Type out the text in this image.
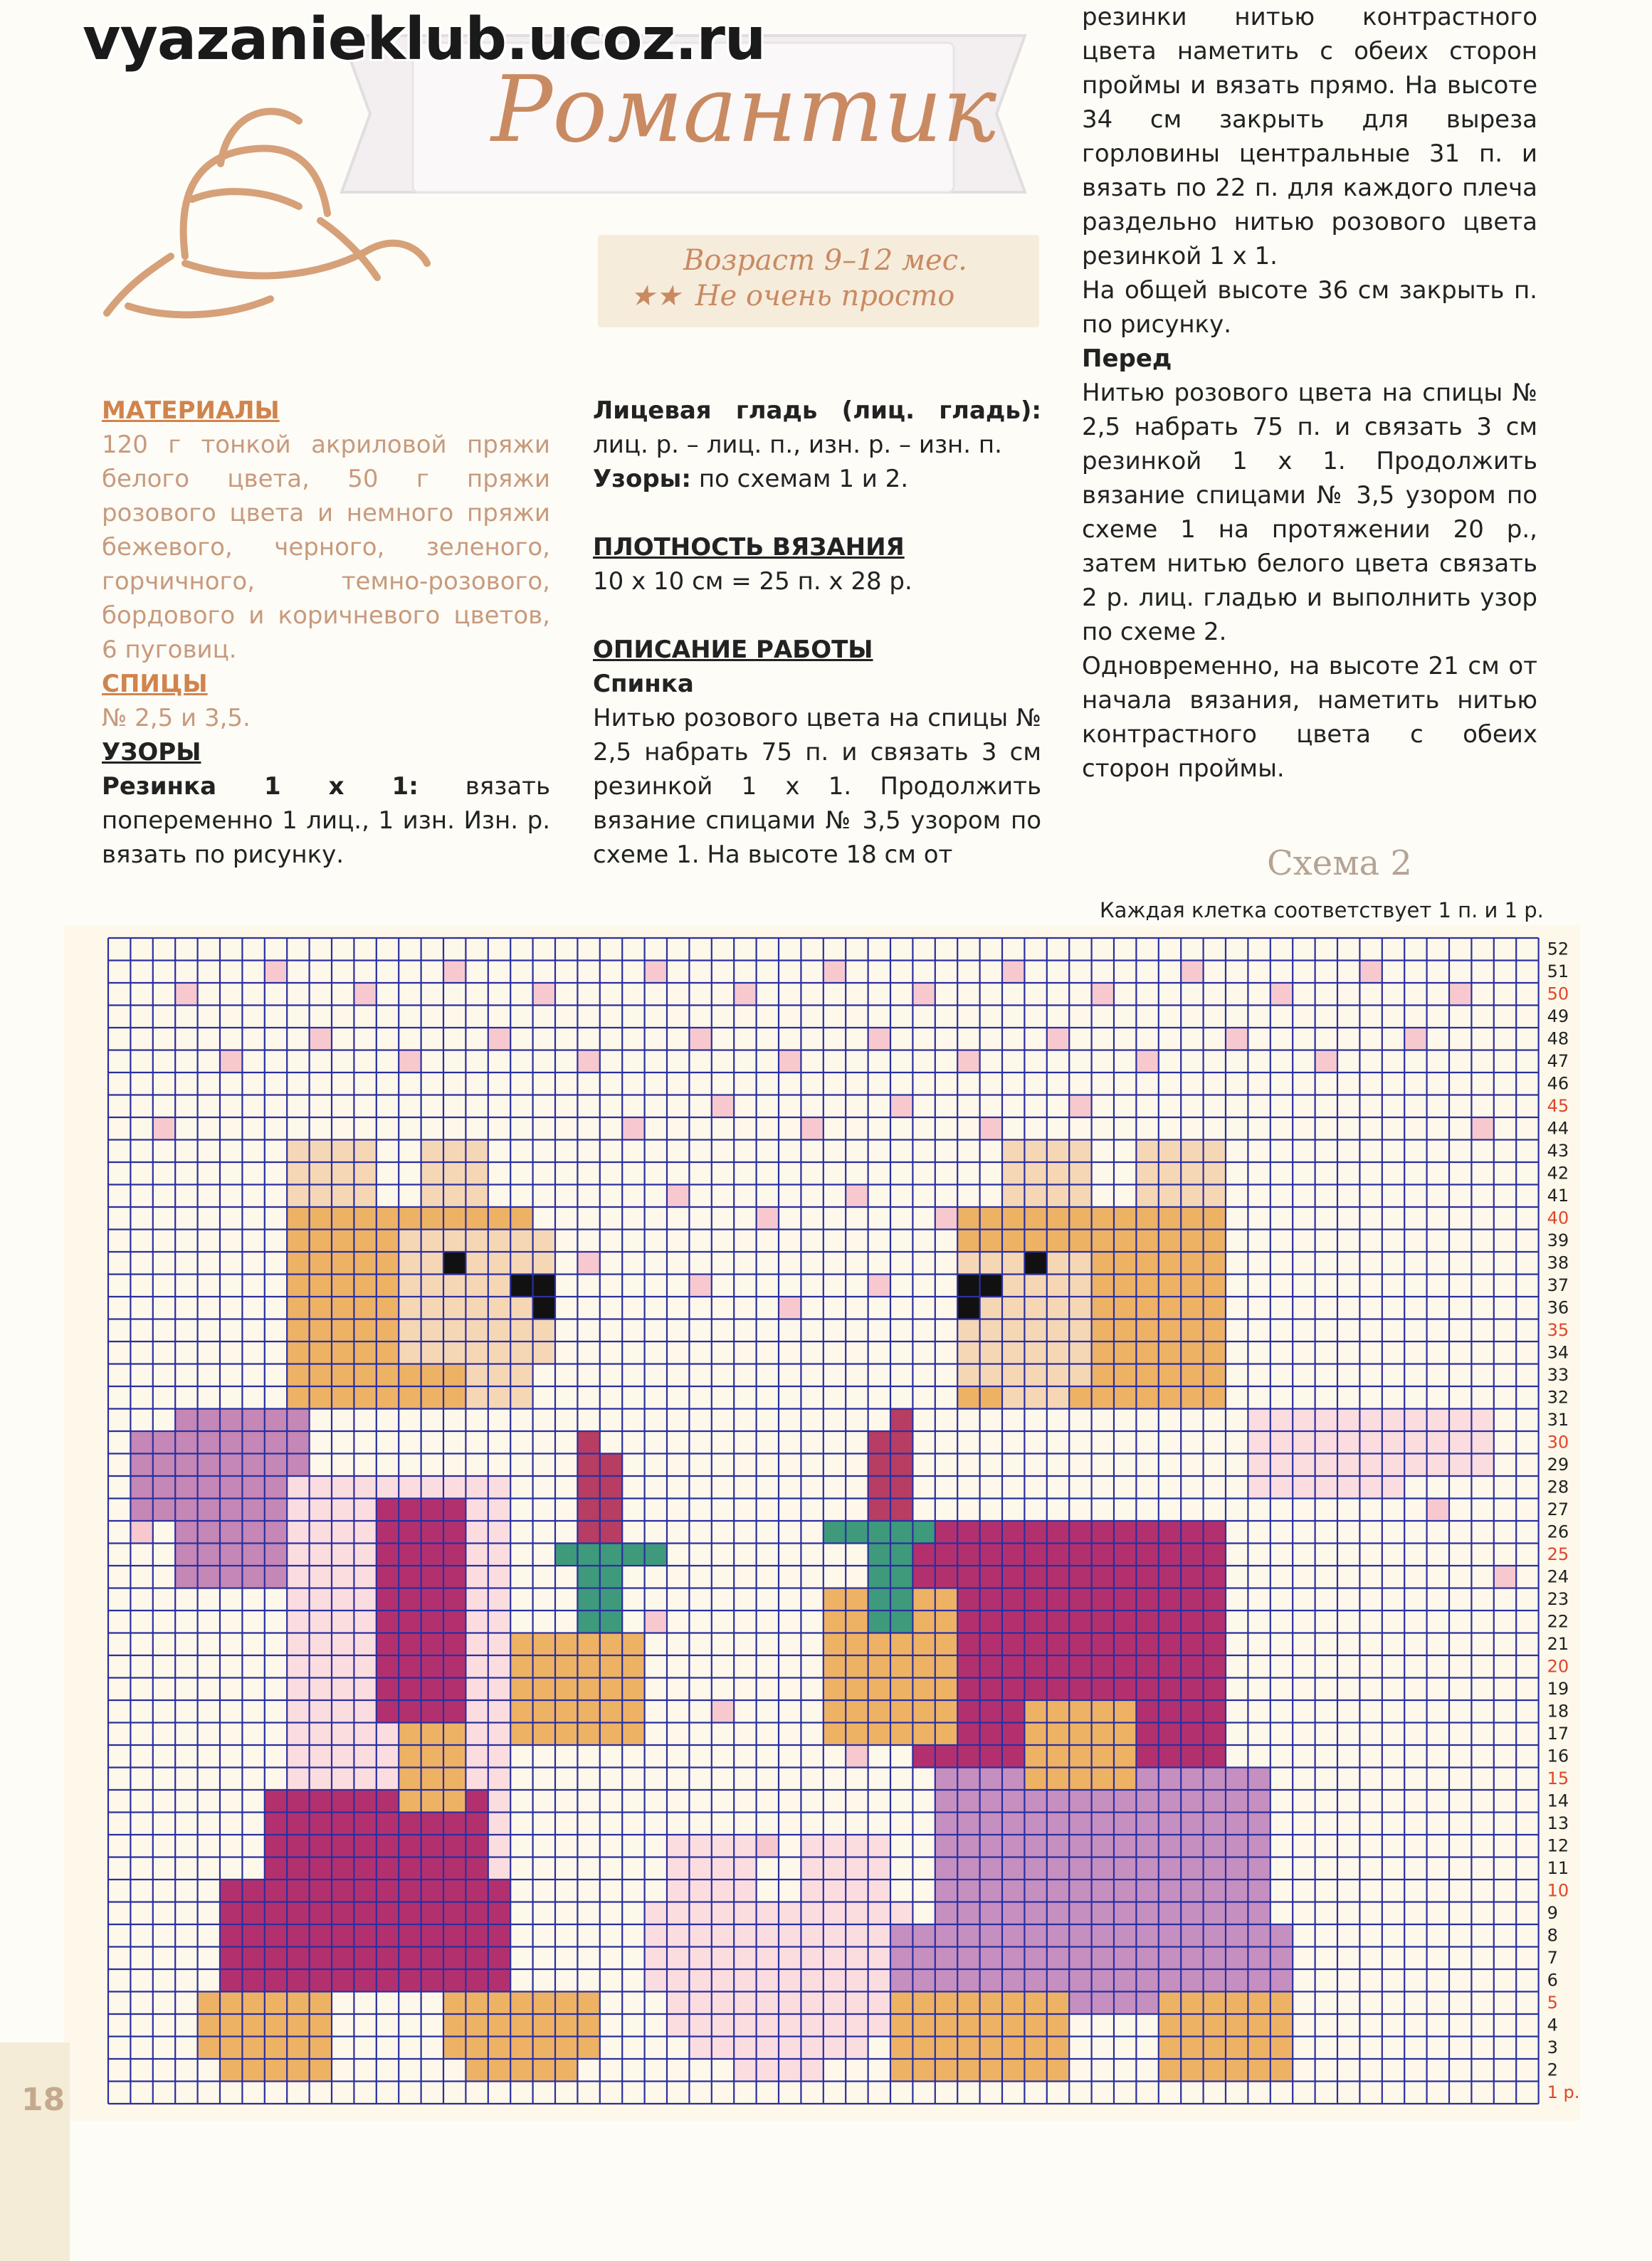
vyazanieklub.ucoz.ru
Романтик
Возраст 9–12 мес.
★★ Не очень просто
МАТЕРИАЛЫ

120 г тонкой акриловой пряжи белого цвета, 50 г пряжи розового цвета и немного пряжи бежевого, черного, зеленого, горчичного, темно-розового, бордового и коричневого цветов, 6 пуговиц.

СПИЦЫ

№ 2,5 и 3,5.

УЗОРЫ

Резинка 1 х 1: вязать попеременно 1 лиц., 1 изн. Изн. р. вязать по рисунку.

Лицевая гладь (лиц. гладь): лиц. р. – лиц. п., изн. р. – изн. п.

Узоры: по схемам 1 и 2.

ПЛОТНОСТЬ ВЯЗАНИЯ

10 х 10 см = 25 п. х 28 р.

ОПИСАНИЕ РАБОТЫ
Спинка

Нитью розового цвета на спицы № 2,5 набрать 75 п. и связать 3 см резинкой 1 х 1. Продолжить вязание спицами № 3,5 узором по схеме 1. На высоте 18 см от

резинки нитью контрастного цвета наметить с обеих сторон проймы и вязать прямо. На высоте 34 см закрыть для выреза горловины центральные 31 п. и вязать по 22 п. для каждого плеча раздельно нитью розового цвета резинкой 1 х 1.

На общей высоте 36 см закрыть п. по рисунку.

Перед

Нитью розового цвета на спицы № 2,5 набрать 75 п. и связать 3 см резинкой 1 х 1. Продолжить вязание спицами № 3,5 узором по схеме 1 на протяжении 20 р., затем нитью белого цвета связать 2 р. лиц. гладью и выполнить узор по схеме 2.

Одновременно, на высоте 21 см от начала вязания, наметить нитью контрастного цвета с обеих сторон проймы.

Схема 2
Каждая клетка соответствует 1 п. и 1 р.
1 р.
2
3
4
5
6
7
8
9
10
11
12
13
14
15
16
17
18
19
20
21
22
23
24
25
26
27
28
29
30
31
32
33
34
35
36
37
38
39
40
41
42
43
44
45
46
47
48
49
50
51
52
18
